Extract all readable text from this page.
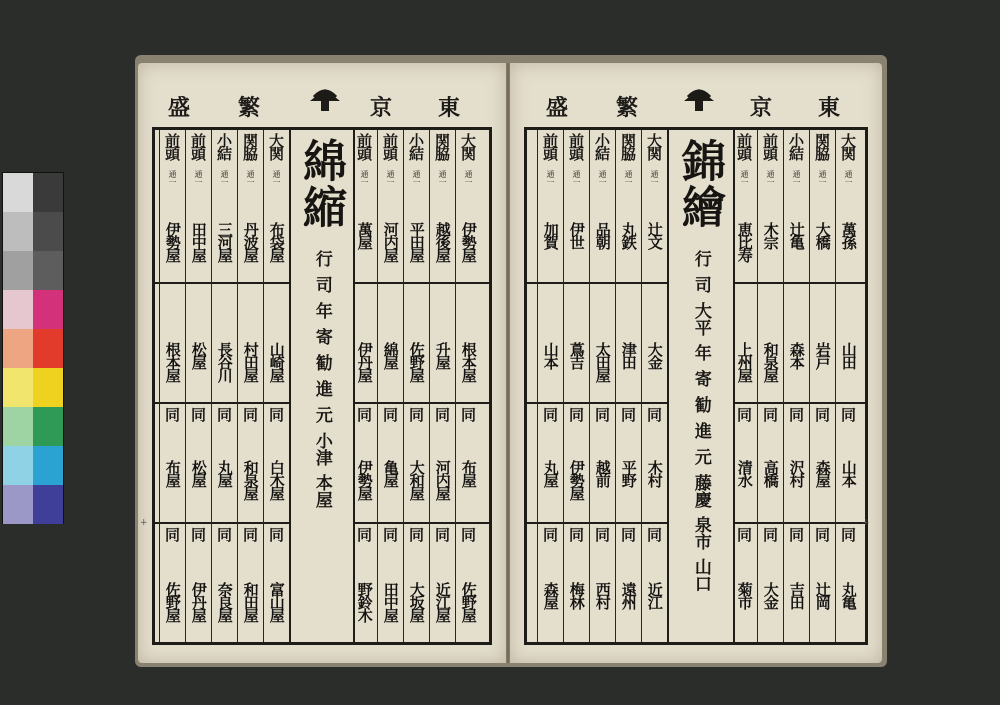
東
京
繁
盛
大関
関脇
小結
前頭
前頭
大関
関脇
小結
前頭
前頭
同
同
通一
同
同
通一
同
同
通一
同
同
通一
同
同
通一
同
同
通一
同
同
通一
同
同
通一
同
同
通一
同
同
通一
伊勢屋
越後屋
平田屋
河内屋
萬屋
布袋屋
丹波屋
三河屋
田中屋
伊勢屋
根本屋
升屋
佐野屋
綿屋
伊丹屋
山崎屋
村田屋
長谷川
松屋
根本屋
布屋
河内屋
大和屋
亀屋
伊勢屋
白木屋
和泉屋
丸屋
松屋
布屋
佐野屋
近江屋
大坂屋
田中屋
野鈴木
富山屋
和田屋
奈良屋
伊丹屋
佐野屋
綿縮
行
司
年
寄
勧
進
元
小津
本屋
+
東
京
繁
盛
大関
関脇
小結
前頭
前頭
大関
関脇
小結
前頭
前頭
同
同
通一
同
同
通一
同
同
通一
同
同
通一
同
同
通一
同
同
通一
同
同
通一
同
同
通一
同
同
通一
同
同
通一
萬孫
大橋
辻亀
木宗
恵比寿
辻文
丸鉄
品朝
伊世
加賀
山田
岩戸
森本
和泉屋
上州屋
大金
津田
太田屋
蔦吉
山本
山本
森屋
沢村
高橋
清水
木村
平野
越前
伊勢屋
丸屋
丸亀
辻岡
吉田
大金
菊市
近江
遠州
西村
梅林
森屋
錦繪
行
司
大平
年
寄
勧
進
元
藤慶
泉市
山口
+
